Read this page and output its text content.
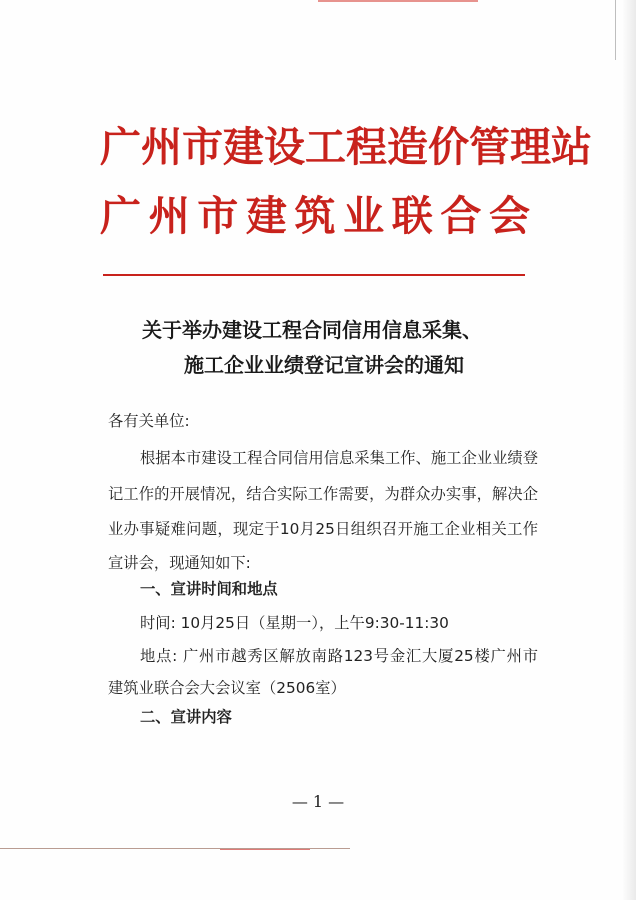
广州市建设工程造价管理站
广州市建筑业联合会
关于举办建设工程合同信用信息采集、
施工企业业绩登记宣讲会的通知
各有关单位:
根据本市建设工程合同信用信息采集工作、施工企业业绩登
记工作的开展情况，结合实际工作需要，为群众办实事，解决企
业办事疑难问题，现定于10月25日组织召开施工企业相关工作
宣讲会，现通知如下:
一、宣讲时间和地点
时间: 10月25日（星期一），上午9:30-11:30
地点: 广州市越秀区解放南路123号金汇大厦25楼广州市
建筑业联合会大会议室（2506室）
二、宣讲内容
— 1 —
